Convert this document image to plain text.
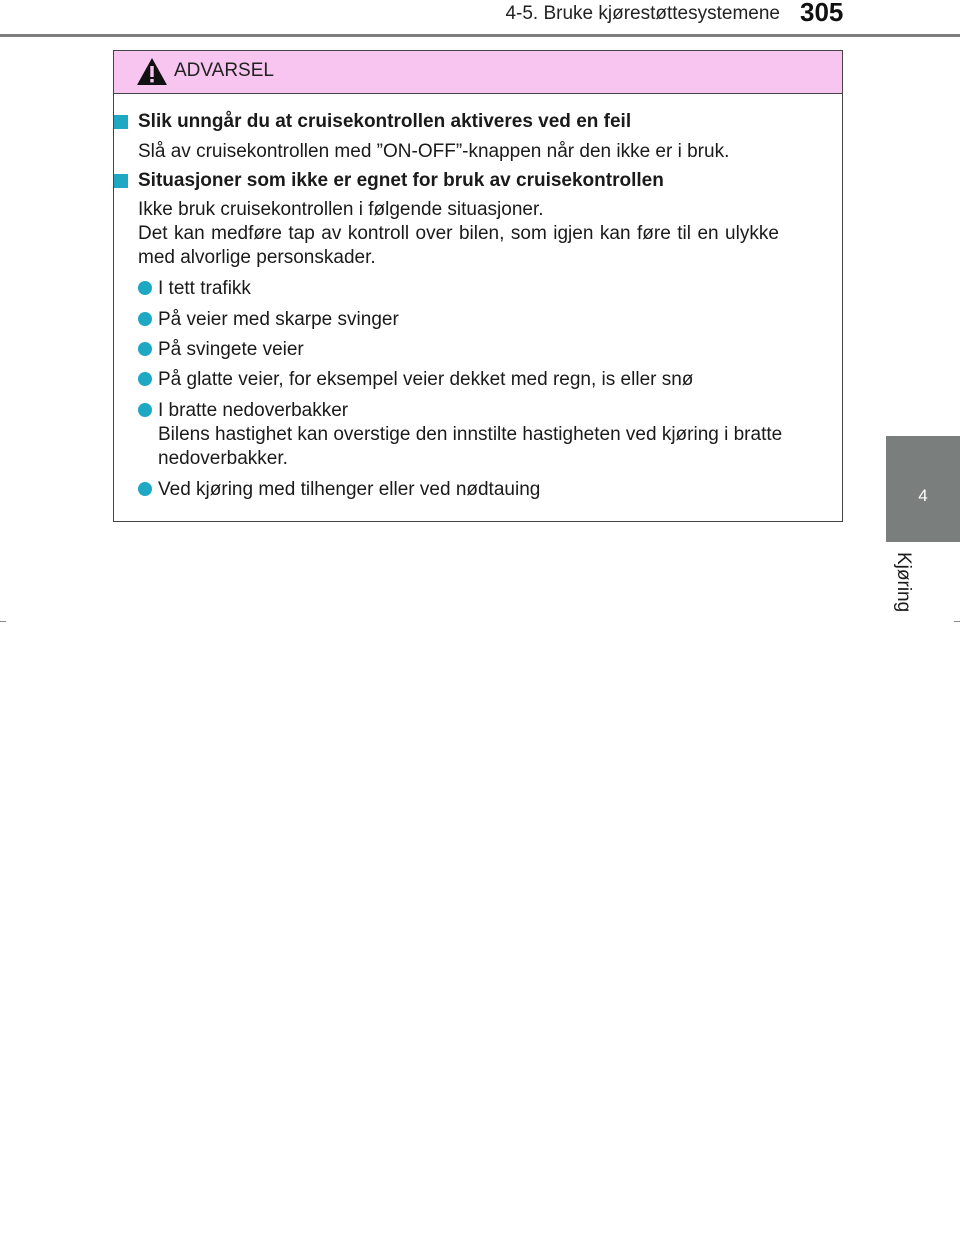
4-5. Bruke kjørestøttesystemene 305
4
Kjøring
ADVARSEL
Slik unngår du at cruisekontrollen aktiveres ved en feil
Slå av cruisekontrollen med ”ON-OFF”-knappen når den ikke er i bruk.
Situasjoner som ikke er egnet for bruk av cruisekontrollen
Ikke bruk cruisekontrollen i følgende situasjoner.
Det kan medføre tap av kontroll over bilen, som igjen kan føre til en ulykke
med alvorlige personskader.
I tett trafikk
På veier med skarpe svinger
På svingete veier
På glatte veier, for eksempel veier dekket med regn, is eller snø
I bratte nedoverbakker
Bilens hastighet kan overstige den innstilte hastigheten ved kjøring i bratte
nedoverbakker.
Ved kjøring med tilhenger eller ved nødtauing
